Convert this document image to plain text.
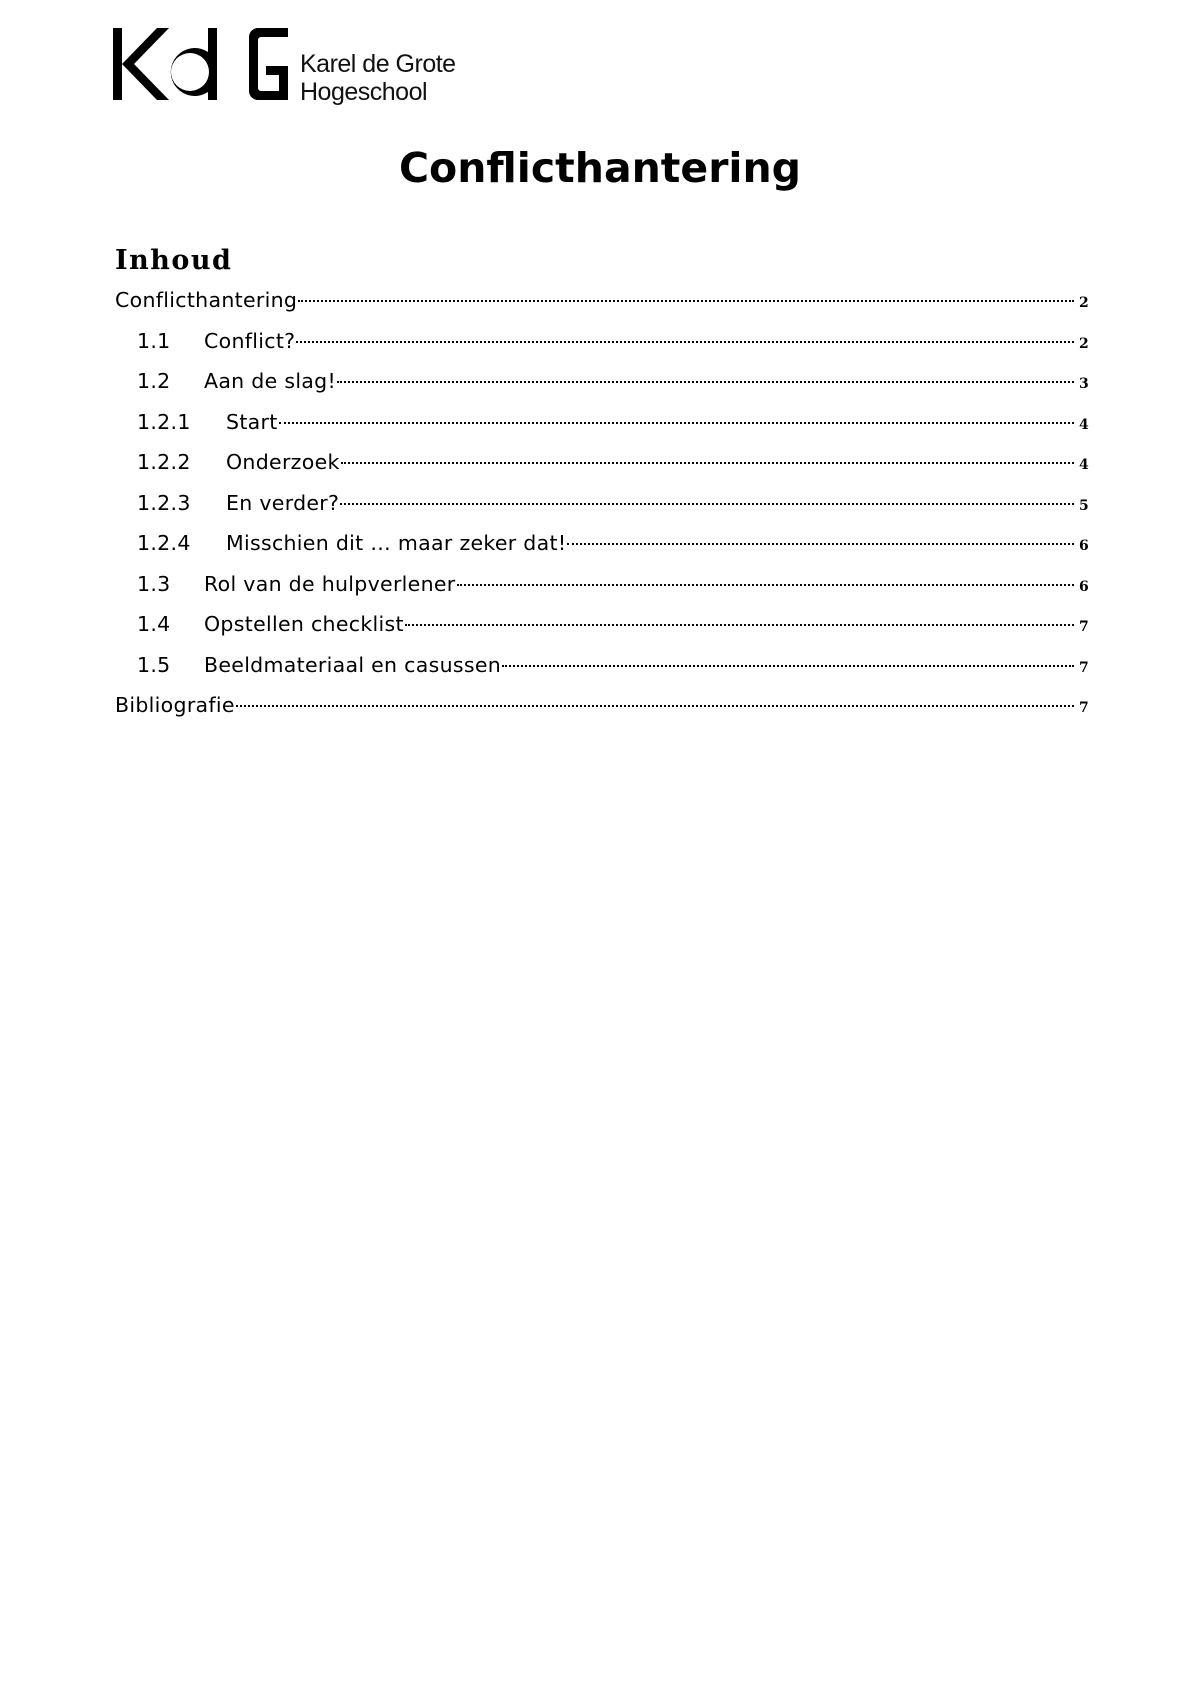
Karel de Grote
Hogeschool
Conflicthantering
Inhoud
Conflicthantering	2
1.1	Conflict?	2
1.2	Aan de slag!	3
1.2.1	Start	4
1.2.2	Onderzoek	4
1.2.3	En verder?	5
1.2.4	Misschien dit … maar zeker dat!	6
1.3	Rol van de hulpverlener	6
1.4	Opstellen checklist	7
1.5	Beeldmateriaal en casussen	7
Bibliografie	7
